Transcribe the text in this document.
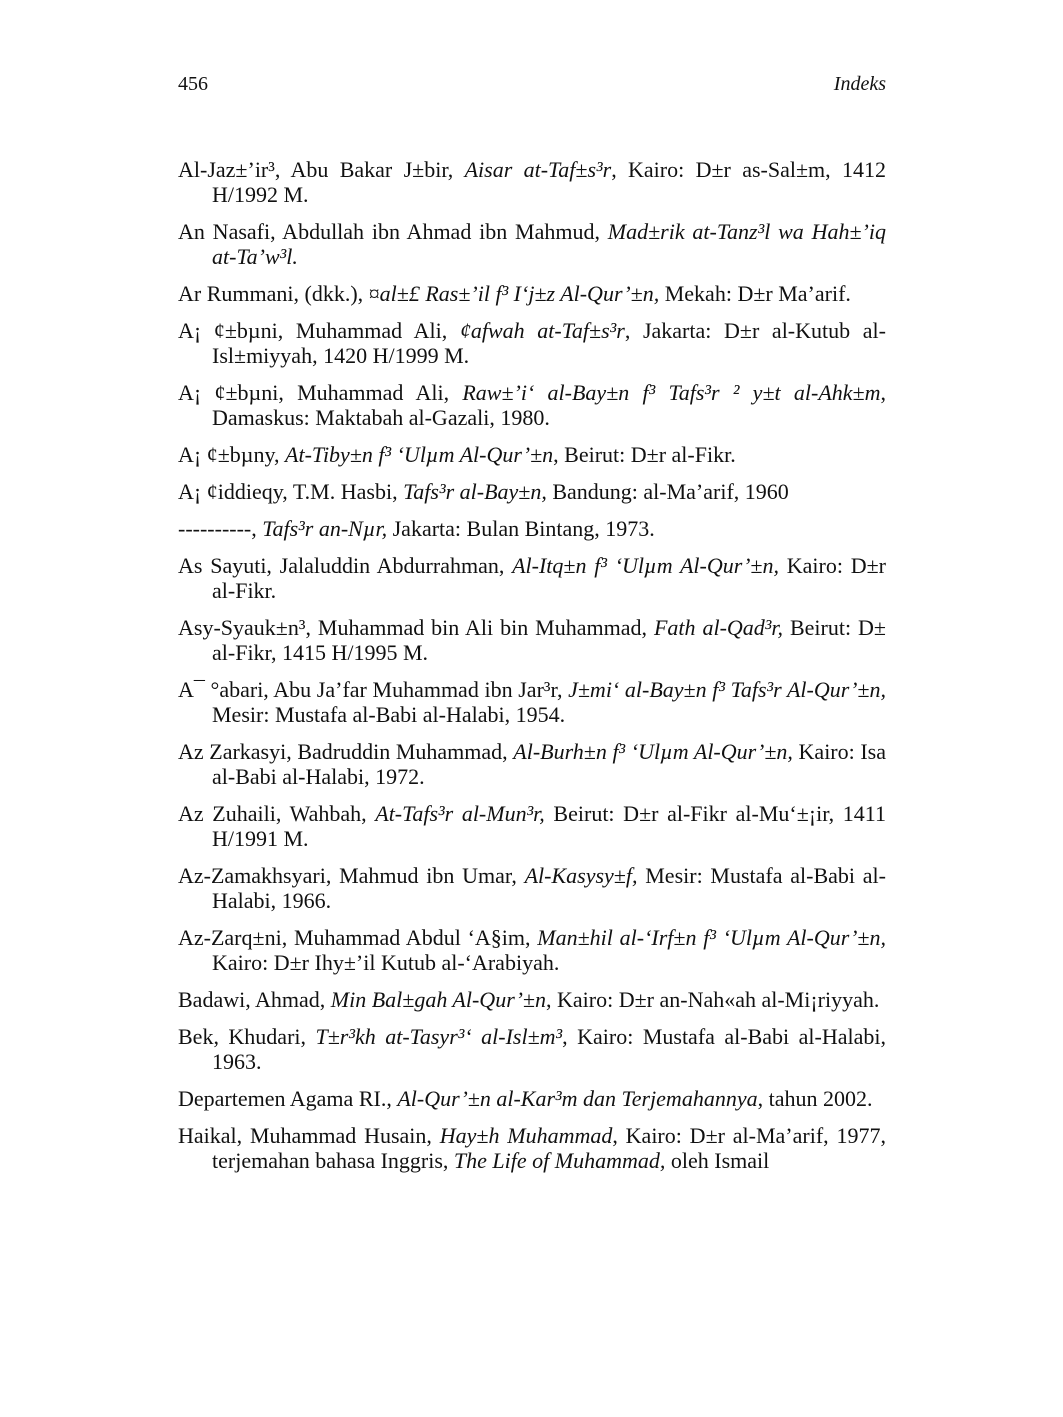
456	Indeks

Al-Jaz±’ir³, Abu Bakar J±bir, Aisar at-Taf±s³r, Kairo: D±r as-Sal±m, 1412 H/1992 M.

An Nasafi, Abdullah ibn Ahmad ibn Mahmud, Mad±rik at-Tanz³l wa Hah±’iq at-Ta’w³l.

Ar Rummani, (dkk.), ¤al±£ Ras±’il f³ I‘j±z Al-Qur’±n, Mekah: D±r Ma’arif.

A¡ ¢±bµni, Muhammad Ali, ¢afwah at-Taf±s³r, Jakarta: D±r al-Kutub al-Isl±miyyah, 1420 H/1999 M.

A¡ ¢±bµni, Muhammad Ali, Raw±’i‘ al-Bay±n f³ Tafs³r ² y±t al-Ahk±m, Damaskus: Maktabah al-Gazali, 1980.

A¡ ¢±bµny, At-Tiby±n f³ ‘Ulµm Al-Qur’±n, Beirut: D±r al-Fikr.

A¡ ¢iddieqy, T.M. Hasbi, Tafs³r al-Bay±n, Bandung: al-Ma’arif, 1960

----------, Tafs³r an-Nµr, Jakarta: Bulan Bintang, 1973.

As Sayuti, Jalaluddin Abdurrahman, Al-Itq±n f³ ‘Ulµm Al-Qur’±n, Kairo: D±r al-Fikr.

Asy-Syauk±n³, Muhammad bin Ali bin Muhammad, Fath al-Qad³r, Beirut: D± al-Fikr, 1415 H/1995 M.

A¯ °abari, Abu Ja’far Muhammad ibn Jar³r, J±mi‘ al-Bay±n f³ Tafs³r Al-Qur’±n, Mesir: Mustafa al-Babi al-Halabi, 1954.

Az Zarkasyi, Badruddin Muhammad, Al-Burh±n f³ ‘Ulµm Al-Qur’±n, Kairo: Isa al-Babi al-Halabi, 1972.

Az Zuhaili, Wahbah, At-Tafs³r al-Mun³r, Beirut: D±r al-Fikr al-Mu‘±¡ir, 1411 H/1991 M.

Az-Zamakhsyari, Mahmud ibn Umar, Al-Kasysy±f, Mesir: Mustafa al-Babi al-Halabi, 1966.

Az-Zarq±ni, Muhammad Abdul ‘A§im, Man±hil al-‘Irf±n f³ ‘Ulµm Al-Qur’±n, Kairo: D±r Ihy±’il Kutub al-‘Arabiyah.

Badawi, Ahmad, Min Bal±gah Al-Qur’±n, Kairo: D±r an-Nah«ah al-Mi¡riyyah.

Bek, Khudari, T±r³kh at-Tasyr³‘ al-Isl±m³, Kairo: Mustafa al-Babi al-Halabi, 1963.

Departemen Agama RI., Al-Qur’±n al-Kar³m dan Terjemahannya, tahun 2002.

Haikal, Muhammad Husain, Hay±h Muhammad, Kairo: D±r al-Ma’arif, 1977, terjemahan bahasa Inggris, The Life of Muhammad, oleh Ismail
